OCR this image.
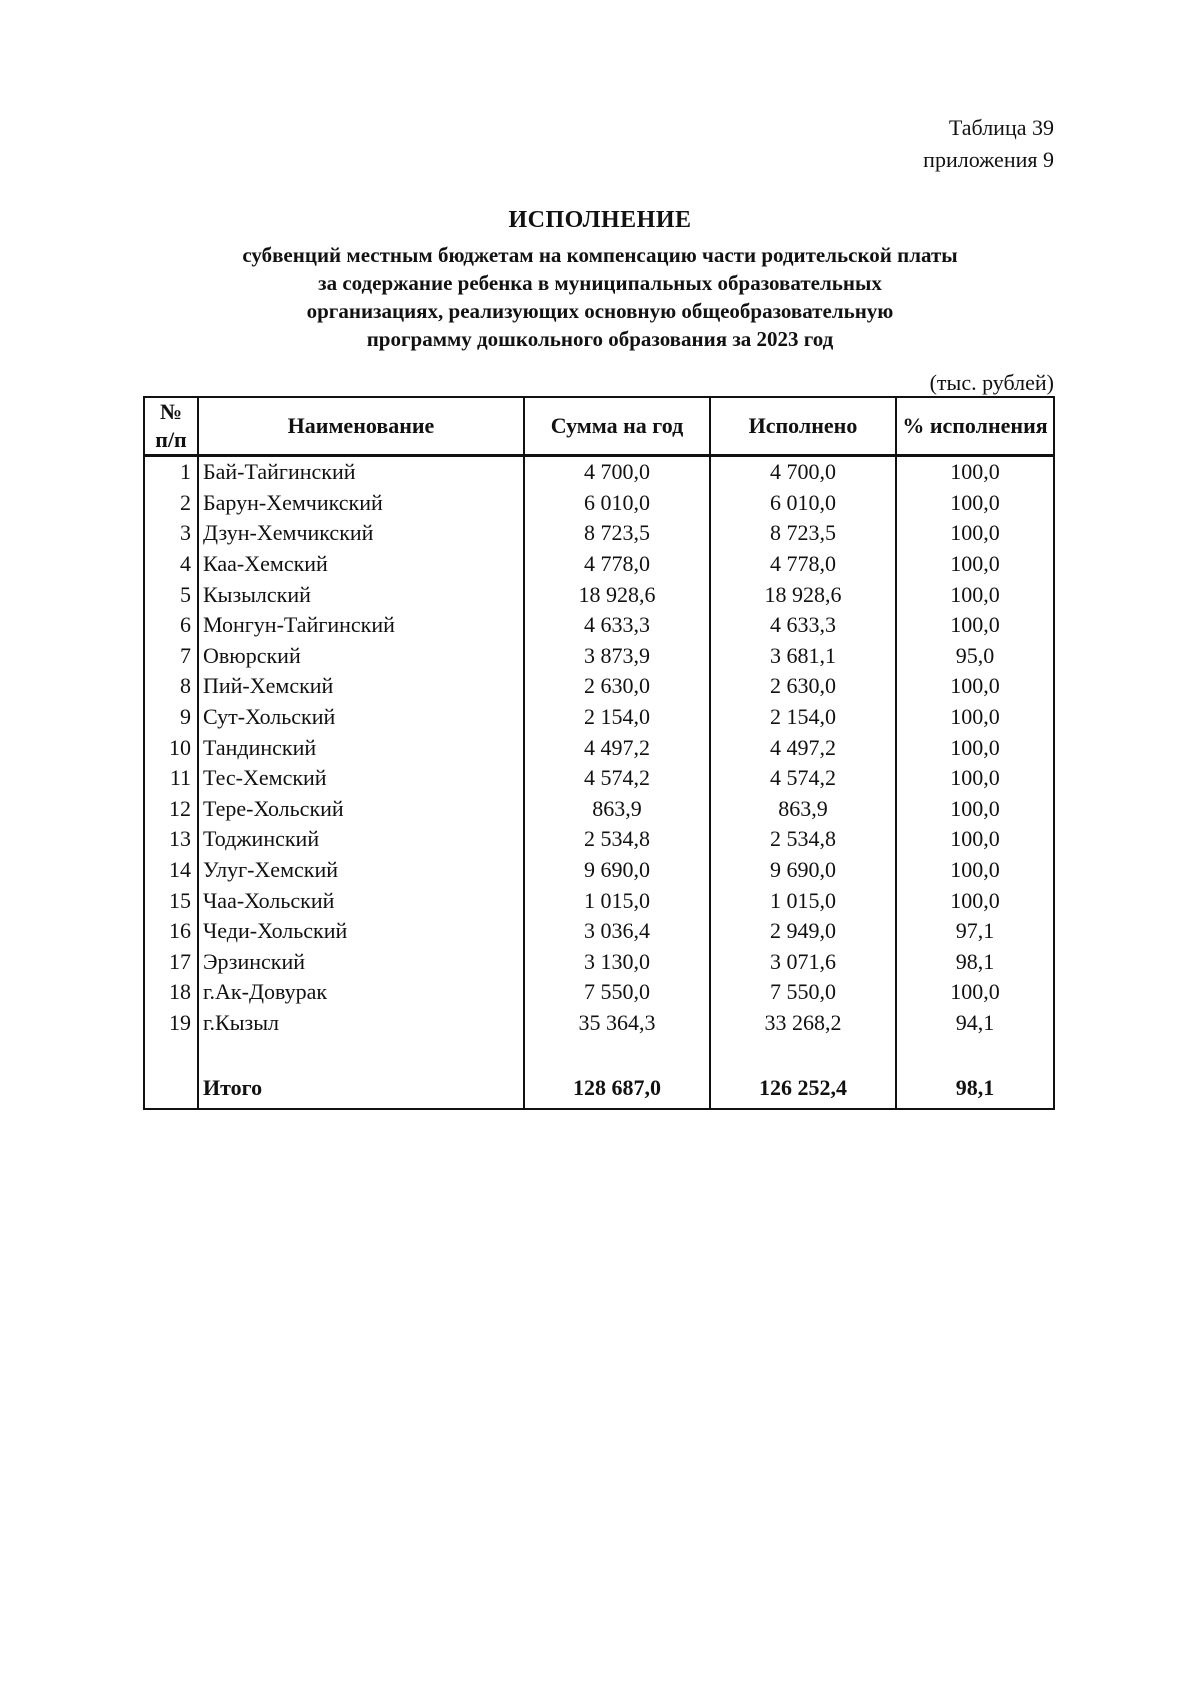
Таблица 39
приложения 9
ИСПОЛНЕНИЕ
субвенций местным бюджетам на компенсацию части родительской платы
за содержание ребенка в муниципальных образовательных
организациях, реализующих основную общеобразовательную
программу дошкольного образования за 2023 год
(тыс. рублей)
№
п/п	Наименование	Сумма на год	Исполнено	% исполнения
1	Бай-Тайгинский	4 700,0	4 700,0	100,0
2	Барун-Хемчикский	6 010,0	6 010,0	100,0
3	Дзун-Хемчикский	8 723,5	8 723,5	100,0
4	Каа-Хемский	4 778,0	4 778,0	100,0
5	Кызылский	18 928,6	18 928,6	100,0
6	Монгун-Тайгинский	4 633,3	4 633,3	100,0
7	Овюрский	3 873,9	3 681,1	95,0
8	Пий-Хемский	2 630,0	2 630,0	100,0
9	Сут-Хольский	2 154,0	2 154,0	100,0
10	Тандинский	4 497,2	4 497,2	100,0
11	Тес-Хемский	4 574,2	4 574,2	100,0
12	Тере-Хольский	863,9	863,9	100,0
13	Тоджинский	2 534,8	2 534,8	100,0
14	Улуг-Хемский	9 690,0	9 690,0	100,0
15	Чаа-Хольский	1 015,0	1 015,0	100,0
16	Чеди-Хольский	3 036,4	2 949,0	97,1
17	Эрзинский	3 130,0	3 071,6	98,1
18	г.Ак-Довурак	7 550,0	7 550,0	100,0
19	г.Кызыл	35 364,3	33 268,2	94,1

	Итого	128 687,0	126 252,4	98,1
